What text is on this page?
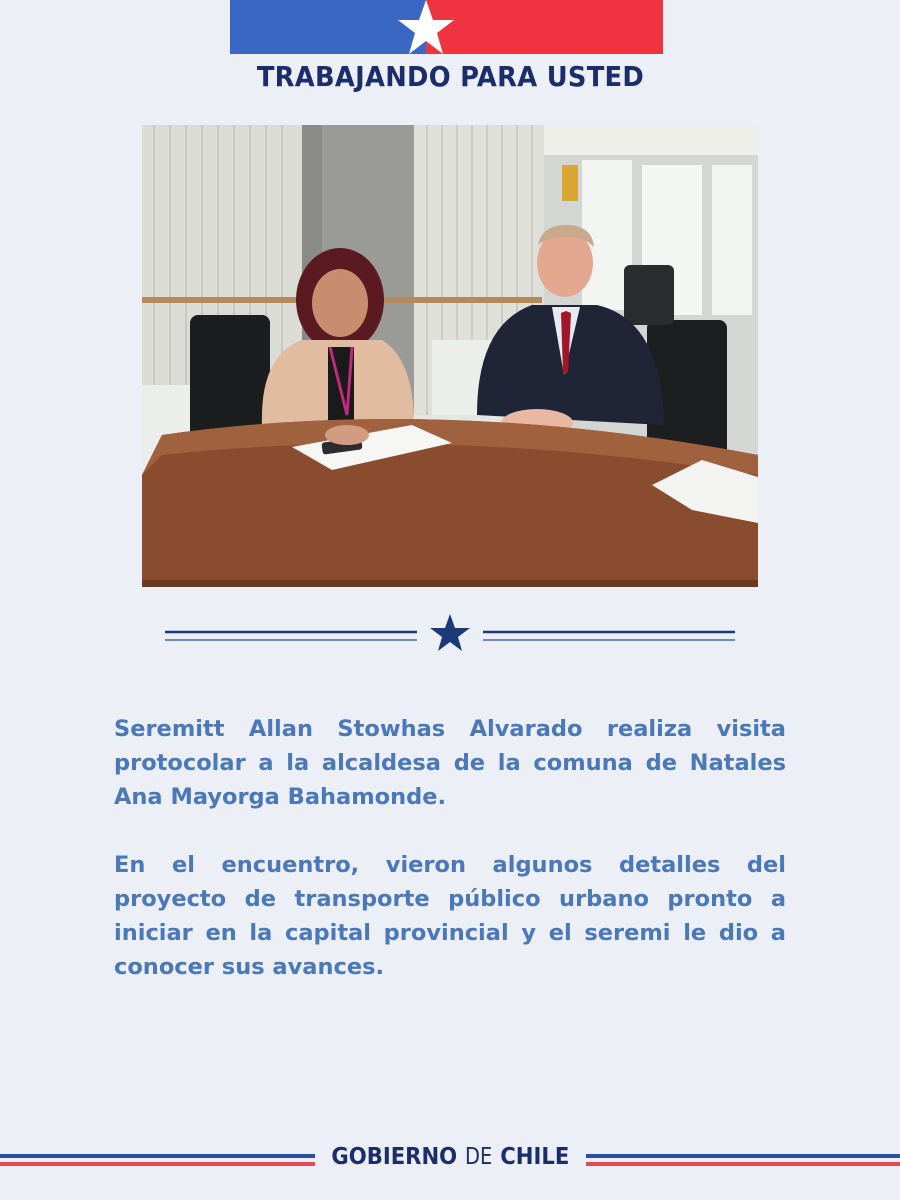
TRABAJANDO PARA USTED

Seremitt Allan Stowhas Alvarado realiza visita protocolar a la alcaldesa de la comuna de Natales Ana Mayorga Bahamonde.

En el encuentro, vieron algunos detalles del proyecto de transporte público urbano pronto a iniciar en la capital provincial y el seremi le dio a conocer sus avances.

GOBIERNO DE CHILE
